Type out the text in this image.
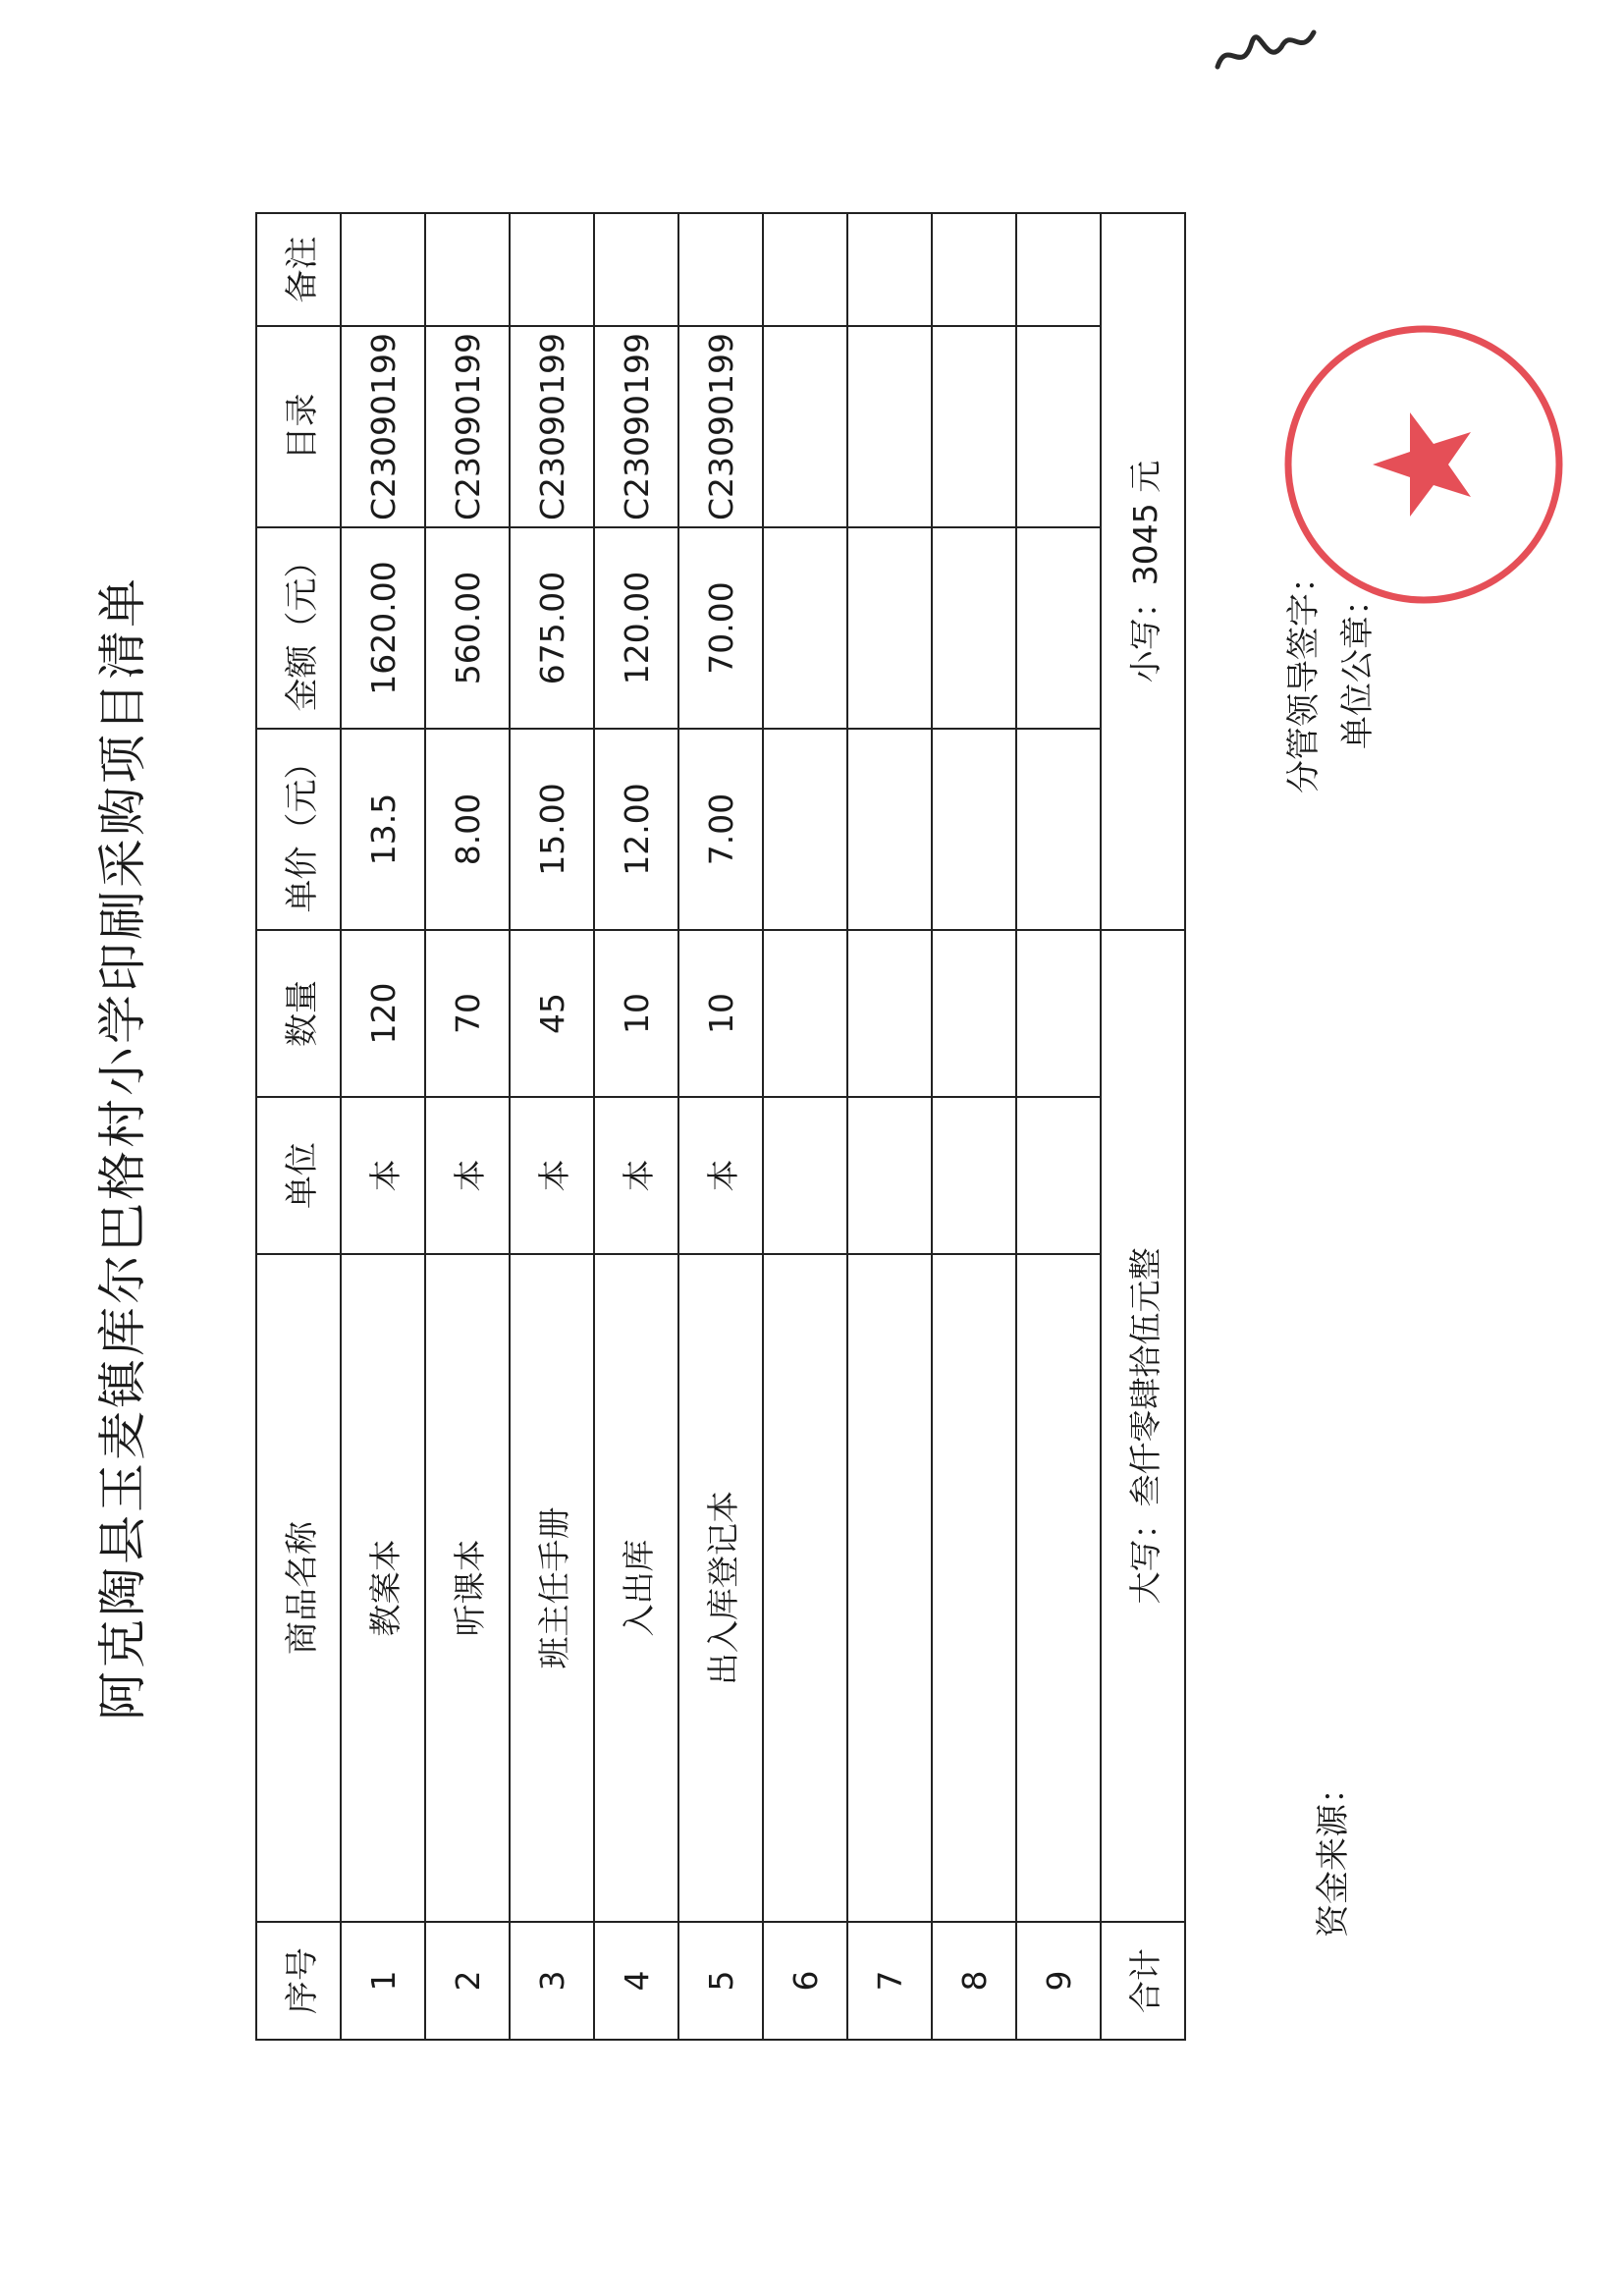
阿克陶县玉麦镇库尔巴格村小学印刷采购项目清单
序号	商品名称	单位	数量	单价（元）	金额（元）	目录	备注
1	教案本	本	120	13.5	1620.00	C23090199	
2	听课本	本	70	8.00	560.00	C23090199	
3	班主任手册	本	45	15.00	675.00	C23090199	
4	入出库	本	10	12.00	120.00	C23090199	
5	出入库登记本	本	10	7.00	70.00	C23090199	
6							
7							
8							
9							
合计	大写：叁仟零肆拾伍元整			小写：3045 元			
资金来源：
分管领导签字： 单位公章：
